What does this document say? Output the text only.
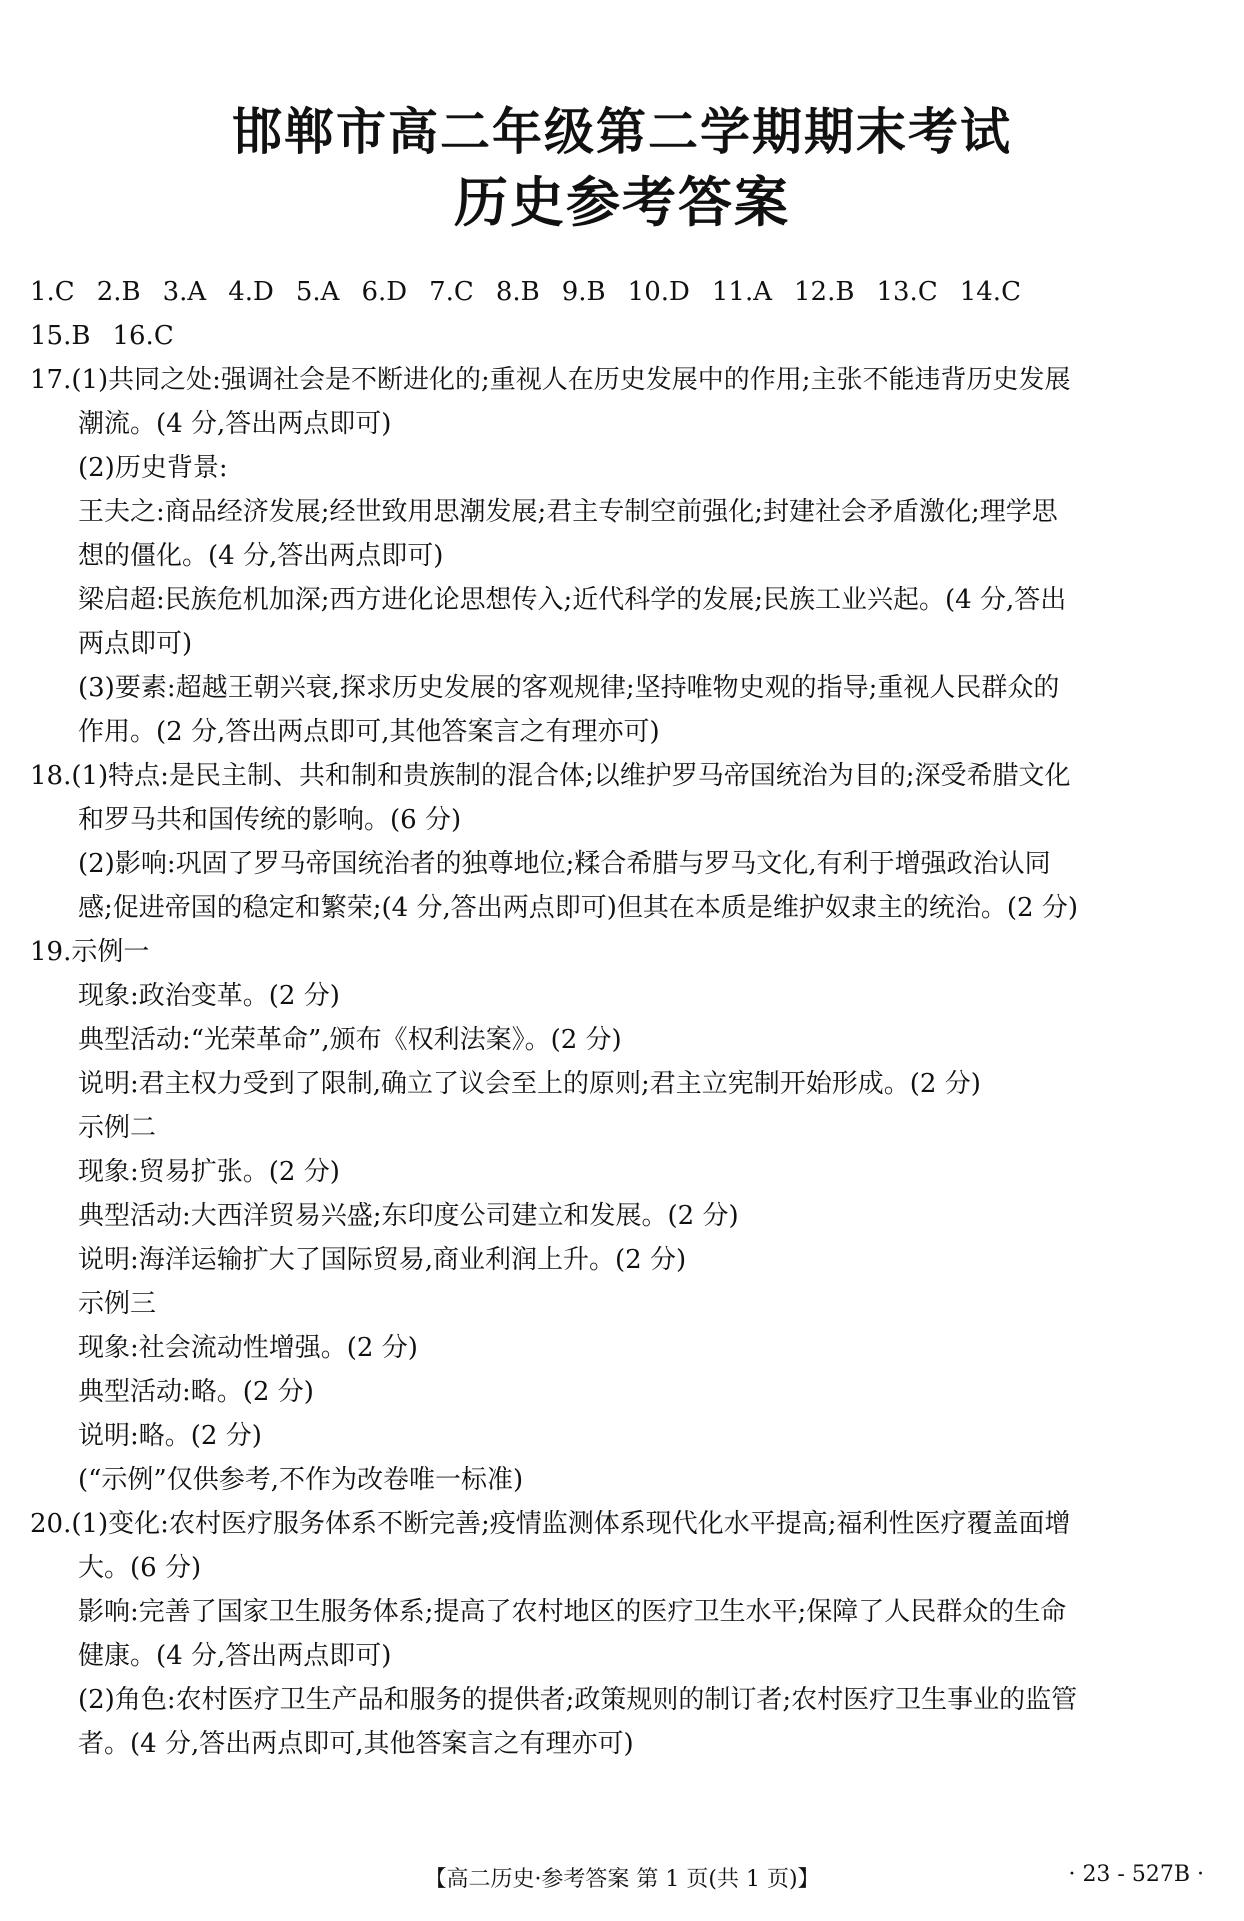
邯郸市高二年级第二学期期末考试
历史参考答案
1.C 2.B 3.A 4.D 5.A 6.D 7.C 8.B 9.B 10.D 11.A 12.B 13.C 14.C
15.B 16.C
17.(1)共同之处:强调社会是不断进化的;重视人在历史发展中的作用;主张不能违背历史发展
潮流。(4 分,答出两点即可)
(2)历史背景:
王夫之:商品经济发展;经世致用思潮发展;君主专制空前强化;封建社会矛盾激化;理学思
想的僵化。(4 分,答出两点即可)
梁启超:民族危机加深;西方进化论思想传入;近代科学的发展;民族工业兴起。(4 分,答出
两点即可)
(3)要素:超越王朝兴衰,探求历史发展的客观规律;坚持唯物史观的指导;重视人民群众的
作用。(2 分,答出两点即可,其他答案言之有理亦可)
18.(1)特点:是民主制、共和制和贵族制的混合体;以维护罗马帝国统治为目的;深受希腊文化
和罗马共和国传统的影响。(6 分)
(2)影响:巩固了罗马帝国统治者的独尊地位;糅合希腊与罗马文化,有利于增强政治认同
感;促进帝国的稳定和繁荣;(4 分,答出两点即可)但其在本质是维护奴隶主的统治。(2 分)
19.示例一
现象:政治变革。(2 分)
典型活动:“光荣革命”,颁布《权利法案》。(2 分)
说明:君主权力受到了限制,确立了议会至上的原则;君主立宪制开始形成。(2 分)
示例二
现象:贸易扩张。(2 分)
典型活动:大西洋贸易兴盛;东印度公司建立和发展。(2 分)
说明:海洋运输扩大了国际贸易,商业利润上升。(2 分)
示例三
现象:社会流动性增强。(2 分)
典型活动:略。(2 分)
说明:略。(2 分)
(“示例”仅供参考,不作为改卷唯一标准)
20.(1)变化:农村医疗服务体系不断完善;疫情监测体系现代化水平提高;福利性医疗覆盖面增
大。(6 分)
影响:完善了国家卫生服务体系;提高了农村地区的医疗卫生水平;保障了人民群众的生命
健康。(4 分,答出两点即可)
(2)角色:农村医疗卫生产品和服务的提供者;政策规则的制订者;农村医疗卫生事业的监管
者。(4 分,答出两点即可,其他答案言之有理亦可)
【高二历史·参考答案 第 1 页(共 1 页)】	· 23 - 527B ·
